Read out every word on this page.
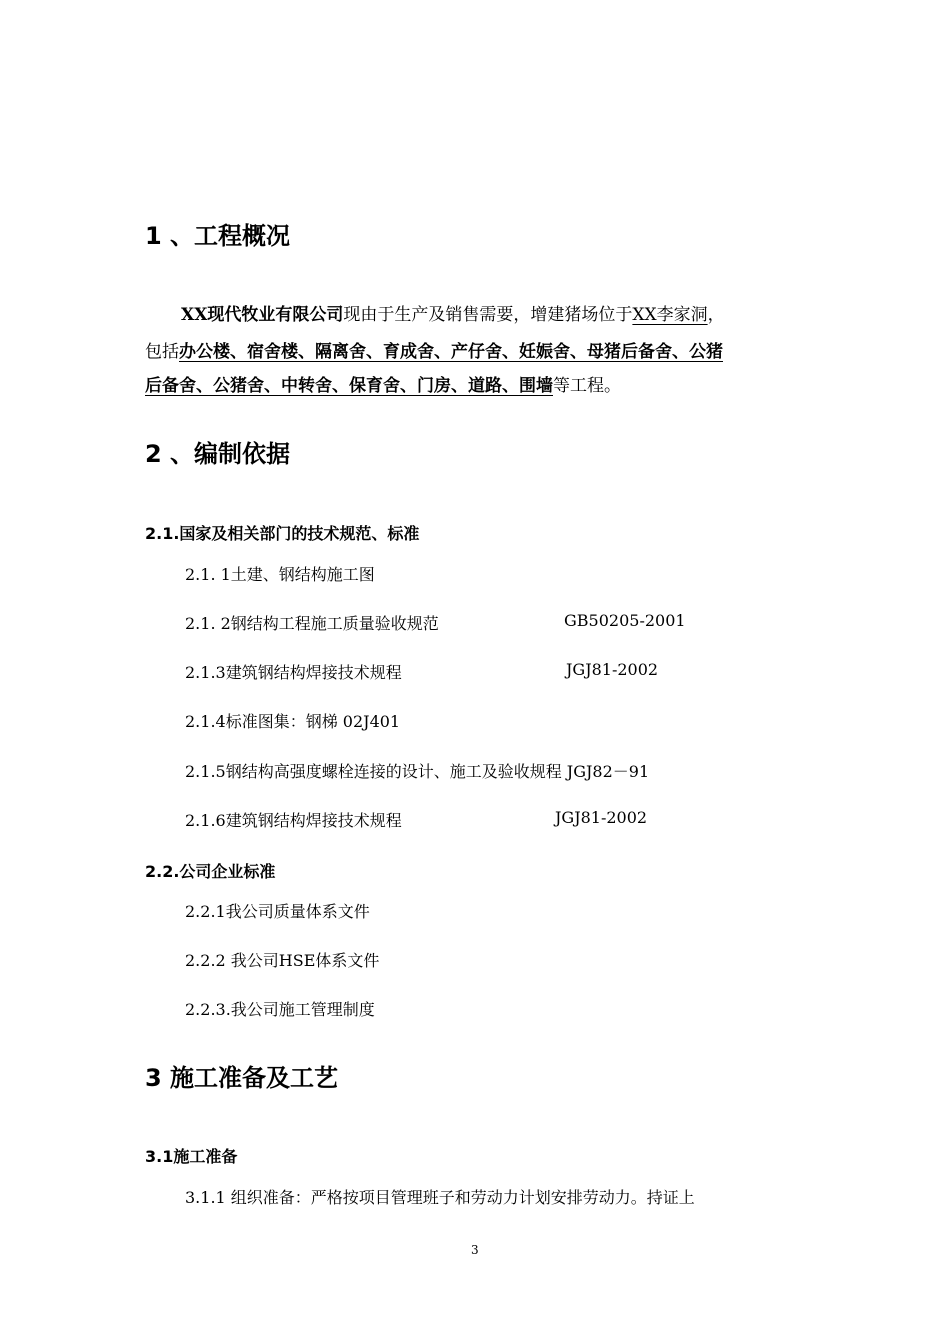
1 、工程概况
XX现代牧业有限公司现由于生产及销售需要，增建猪场位于XX李家洞，
包括办公楼、宿舍楼、隔离舍、育成舍、产仔舍、妊娠舍、母猪后备舍、公猪
后备舍、公猪舍、中转舍、保育舍、门房、道路、围墙等工程。
2 、编制依据
2.1.国家及相关部门的技术规范、标准
2.1. 1土建、钢结构施工图
2.1. 2钢结构工程施工质量验收规范	GB50205-2001
2.1.3建筑钢结构焊接技术规程	JGJ81-2002
2.1.4标准图集：钢梯 02J401
2.1.5钢结构高强度螺栓连接的设计、施工及验收规程 JGJ82－91
2.1.6建筑钢结构焊接技术规程	JGJ81-2002
2.2.公司企业标准
2.2.1我公司质量体系文件
2.2.2 我公司HSE体系文件
2.2.3.我公司施工管理制度
3 施工准备及工艺
3.1施工准备
3.1.1 组织准备：严格按项目管理班子和劳动力计划安排劳动力。持证上
3
